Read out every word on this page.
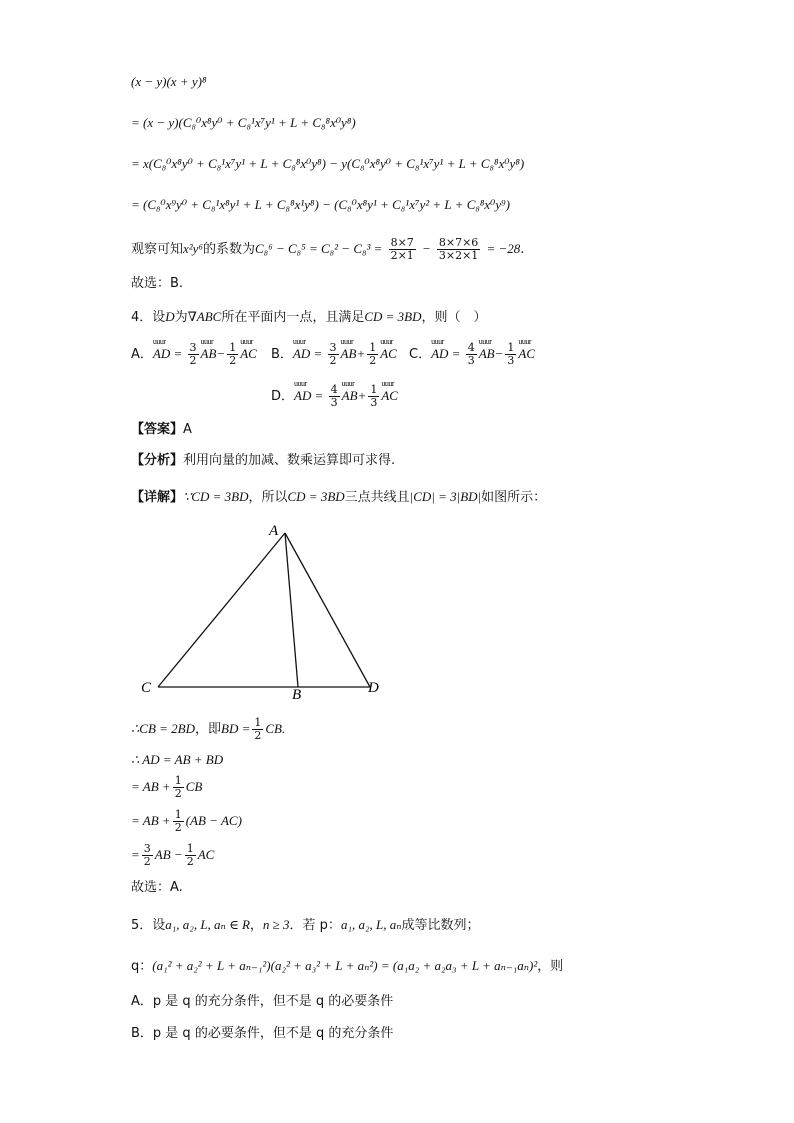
(x − y)(x + y)⁸
= (x − y)(C₈⁰x⁸y⁰ + C₈¹x⁷y¹ + L + C₈⁸x⁰y⁸)
= x(C₈⁰x⁸y⁰ + C₈¹x⁷y¹ + L + C₈⁸x⁰y⁸) − y(C₈⁰x⁸y⁰ + C₈¹x⁷y¹ + L + C₈⁸x⁰y⁸)
= (C₈⁰x⁹y⁰ + C₈¹x⁸y¹ + L + C₈⁸x¹y⁸) − (C₈⁰x⁸y¹ + C₈¹x⁷y² + L + C₈⁸x⁰y⁹)
观察可知x²y⁶的系数为$C_8^6 - C_8^5 = C_8^2 - C_8^3 = \frac{8\times 7}{2\times 1} - \frac{8\times 7\times 6}{3\times 2\times 1} = -28$.
故选：B.
4．设D为∇ABC所在平面内一点，且满足CD = 3BD，则（　）
A．uuur AD = $\frac{3}{2}$ uuur $AB- \frac{1}{2}$ uuur AC B．uuur AD = $\frac{3}{2}$ uuur $AB+ \frac{1}{2}$ uuur AC C．uuur AD = $\frac{4}{3}$ uuur $AB- \frac{1}{3}$ uuur AC
D．uuur AD = $\frac{4}{3}$ uuur $AB+ \frac{1}{3}$ uuur AC
【答案】A
【分析】利用向量的加减、数乘运算即可求得.
【详解】∵CD = 3BD，所以CD = 3BD三点共线且|CD| = 3|BD|如图所示：
A
B
C	D
∴CB = 2BD，即BD = $\frac{1}{2}$ CB.
∴ AD = AB + BD
= AB + $\frac{1}{2}$ CB
= AB + $\frac{1}{2} (AB - AC)$
= $\frac{3}{2}$ AB − $\frac{1}{2}$ AC
故选：A.
5．设a₁, a₂, L, aₙ ∈ R，n ≥ 3．若 p：a₁, a₂, L, aₙ成等比数列；
q：(a₁² + a₂² + L + aₙ₋₁²)(a₂² + a₃² + L + aₙ²) = (a₁a₂ + a₂a₃ + L + aₙ₋₁aₙ)²，则
A．p 是 q 的充分条件，但不是 q 的必要条件
B．p 是 q 的必要条件，但不是 q 的充分条件
